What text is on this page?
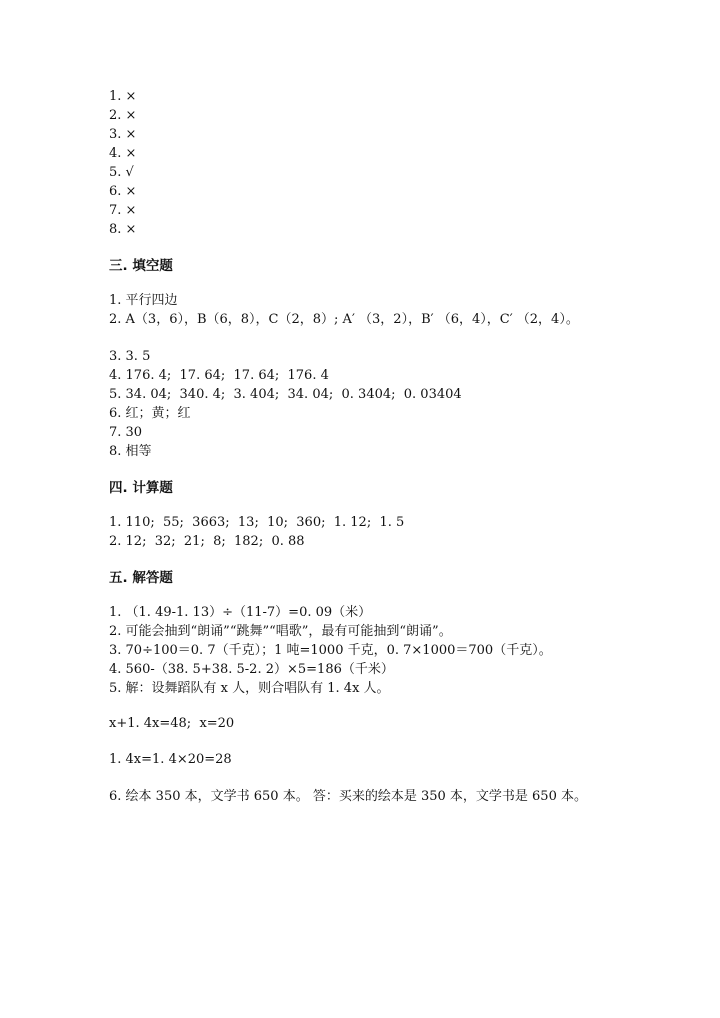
1. ×
2. ×
3. ×
4. ×
5. √
6. ×
7. ×
8. ×
三. 填空题
1. 平行四边
2. A（3，6），B（6，8），C（2，8）; A′ （3，2），B′ （6，4），C′ （2，4）。
3. 3. 5
4. 176. 4;  17. 64;  17. 64;  176. 4
5. 34. 04;  340. 4;  3. 404;  34. 04;  0. 3404;  0. 03404
6. 红；黄；红
7. 30
8. 相等
四. 计算题
1. 110;  55;  3663;  13;  10;  360;  1. 12;  1. 5
2. 12;  32;  21;  8;  182;  0. 88
五. 解答题
1. （1. 49-1. 13）÷（11-7）=0. 09（米）
2. 可能会抽到“朗诵”“跳舞”“唱歌”，最有可能抽到“朗诵”。
3. 70÷100＝0. 7（千克）；1 吨=1000 千克，0. 7×1000＝700（千克）。
4. 560-（38. 5+38. 5-2. 2）×5=186（千米）
5. 解：设舞蹈队有 x 人，则合唱队有 1. 4x 人。
x+1. 4x=48;  x=20
1. 4x=1. 4×20=28
6. 绘本 350 本，文学书 650 本。 答：买来的绘本是 350 本，文学书是 650 本。
